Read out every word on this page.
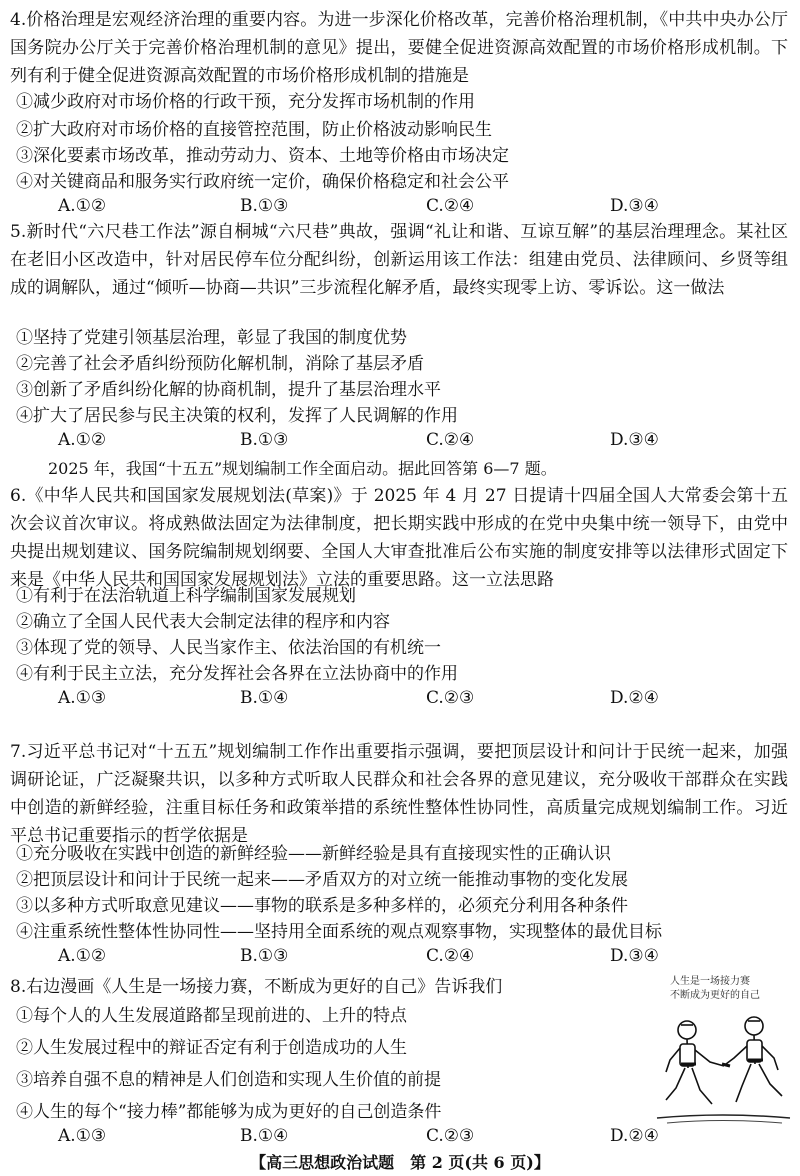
4.价格治理是宏观经济治理的重要内容。为进一步深化价格改革，完善价格治理机制，《中共中央办公厅 国务院办公厅关于完善价格治理机制的意见》提出，要健全促进资源高效配置的市场价格形成机制。下列有利于健全促进资源高效配置的市场价格形成机制的措施是
①减少政府对市场价格的行政干预，充分发挥市场机制的作用
②扩大政府对市场价格的直接管控范围，防止价格波动影响民生
③深化要素市场改革，推动劳动力、资本、土地等价格由市场决定
④对关键商品和服务实行政府统一定价，确保价格稳定和社会公平
A.①②	B.①③	C.②④	D.③④
5.新时代“六尺巷工作法”源自桐城“六尺巷”典故，强调“礼让和谐、互谅互解”的基层治理理念。某社区在老旧小区改造中，针对居民停车位分配纠纷，创新运用该工作法：组建由党员、法律顾问、乡贤等组成的调解队，通过“倾听—协商—共识”三步流程化解矛盾，最终实现零上访、零诉讼。这一做法
①坚持了党建引领基层治理，彰显了我国的制度优势
②完善了社会矛盾纠纷预防化解机制，消除了基层矛盾
③创新了矛盾纠纷化解的协商机制，提升了基层治理水平
④扩大了居民参与民主决策的权利，发挥了人民调解的作用
A.①②	B.①③	C.②④	D.③④
2025 年，我国“十五五”规划编制工作全面启动。据此回答第 6—7 题。
6.《中华人民共和国国家发展规划法(草案)》于 2025 年 4 月 27 日提请十四届全国人大常委会第十五次会议首次审议。将成熟做法固定为法律制度，把长期实践中形成的在党中央集中统一领导下，由党中央提出规划建议、国务院编制规划纲要、全国人大审查批准后公布实施的制度安排等以法律形式固定下来是《中华人民共和国国家发展规划法》立法的重要思路。这一立法思路
①有利于在法治轨道上科学编制国家发展规划
②确立了全国人民代表大会制定法律的程序和内容
③体现了党的领导、人民当家作主、依法治国的有机统一
④有利于民主立法，充分发挥社会各界在立法协商中的作用
A.①③	B.①④	C.②③	D.②④
7.习近平总书记对“十五五”规划编制工作作出重要指示强调，要把顶层设计和问计于民统一起来，加强调研论证，广泛凝聚共识，以多种方式听取人民群众和社会各界的意见建议，充分吸收干部群众在实践中创造的新鲜经验，注重目标任务和政策举措的系统性整体性协同性，高质量完成规划编制工作。习近平总书记重要指示的哲学依据是
①充分吸收在实践中创造的新鲜经验——新鲜经验是具有直接现实性的正确认识
②把顶层设计和问计于民统一起来——矛盾双方的对立统一能推动事物的变化发展
③以多种方式听取意见建议——事物的联系是多种多样的，必须充分利用各种条件
④注重系统性整体性协同性——坚持用全面系统的观点观察事物，实现整体的最优目标
A.①②	B.①③	C.②④	D.③④
8.右边漫画《人生是一场接力赛，不断成为更好的自己》告诉我们
①每个人的人生发展道路都呈现前进的、上升的特点
②人生发展过程中的辩证否定有利于创造成功的人生
③培养自强不息的精神是人们创造和实现人生价值的前提
④人生的每个“接力棒”都能够为成为更好的自己创造条件
A.①③	B.①④	C.②③	D.②④
人生是一场接力赛
不断成为更好的自己
【高三思想政治试题　第 2 页(共 6 页)】
